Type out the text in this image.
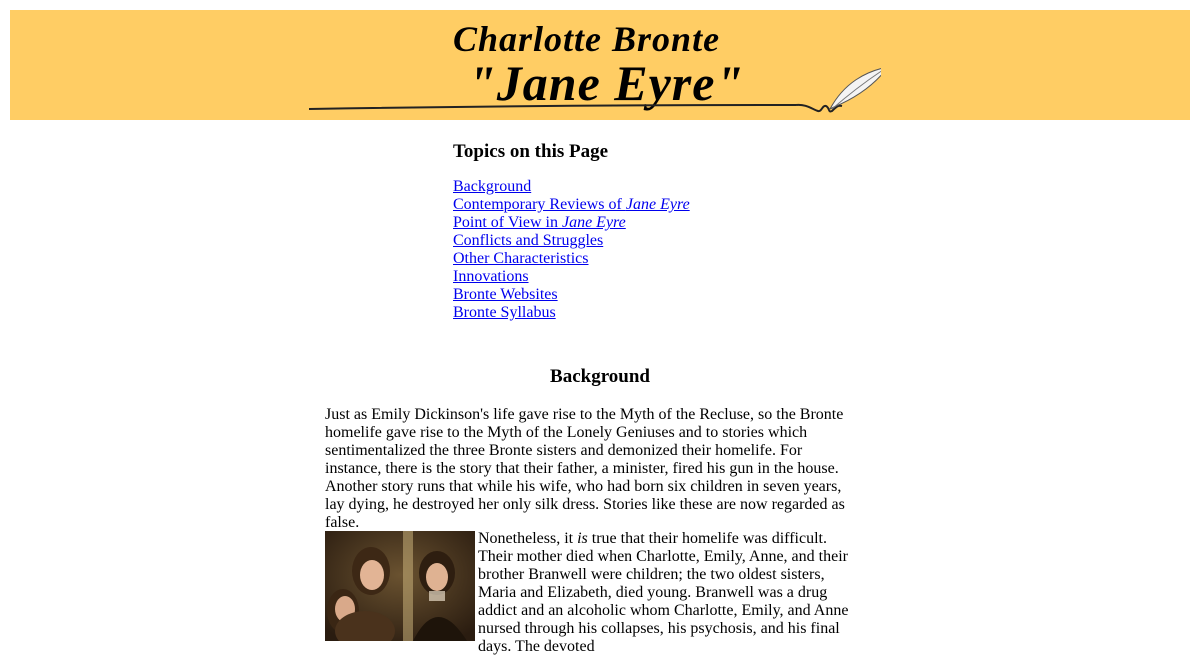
Charlotte Bronte
"Jane Eyre"
Topics on this Page
Background
Contemporary Reviews of Jane Eyre
Point of View in Jane Eyre
Conflicts and Struggles
Other Characteristics
Innovations
Bronte Websites
Bronte Syllabus
Background

Just as Emily Dickinson's life gave rise to the Myth of the Recluse, so the Bronte homelife gave rise to the Myth of the Lonely Geniuses and to stories which sentimentalized the three Bronte sisters and demonized their homelife. For instance, there is the story that their father, a minister, fired his gun in the house. Another story runs that while his wife, who had born six children in seven years, lay dying, he destroyed her only silk dress. Stories like these are now regarded as false.

Nonetheless, it is true that their homelife was difficult. Their mother died when Charlotte, Emily, Anne, and their brother Branwell were children; the two oldest sisters, Maria and Elizabeth, died young. Branwell was a drug addict and an alcoholic whom Charlotte, Emily, and Anne nursed through his collapses, his psychosis, and his final days. The devoted
